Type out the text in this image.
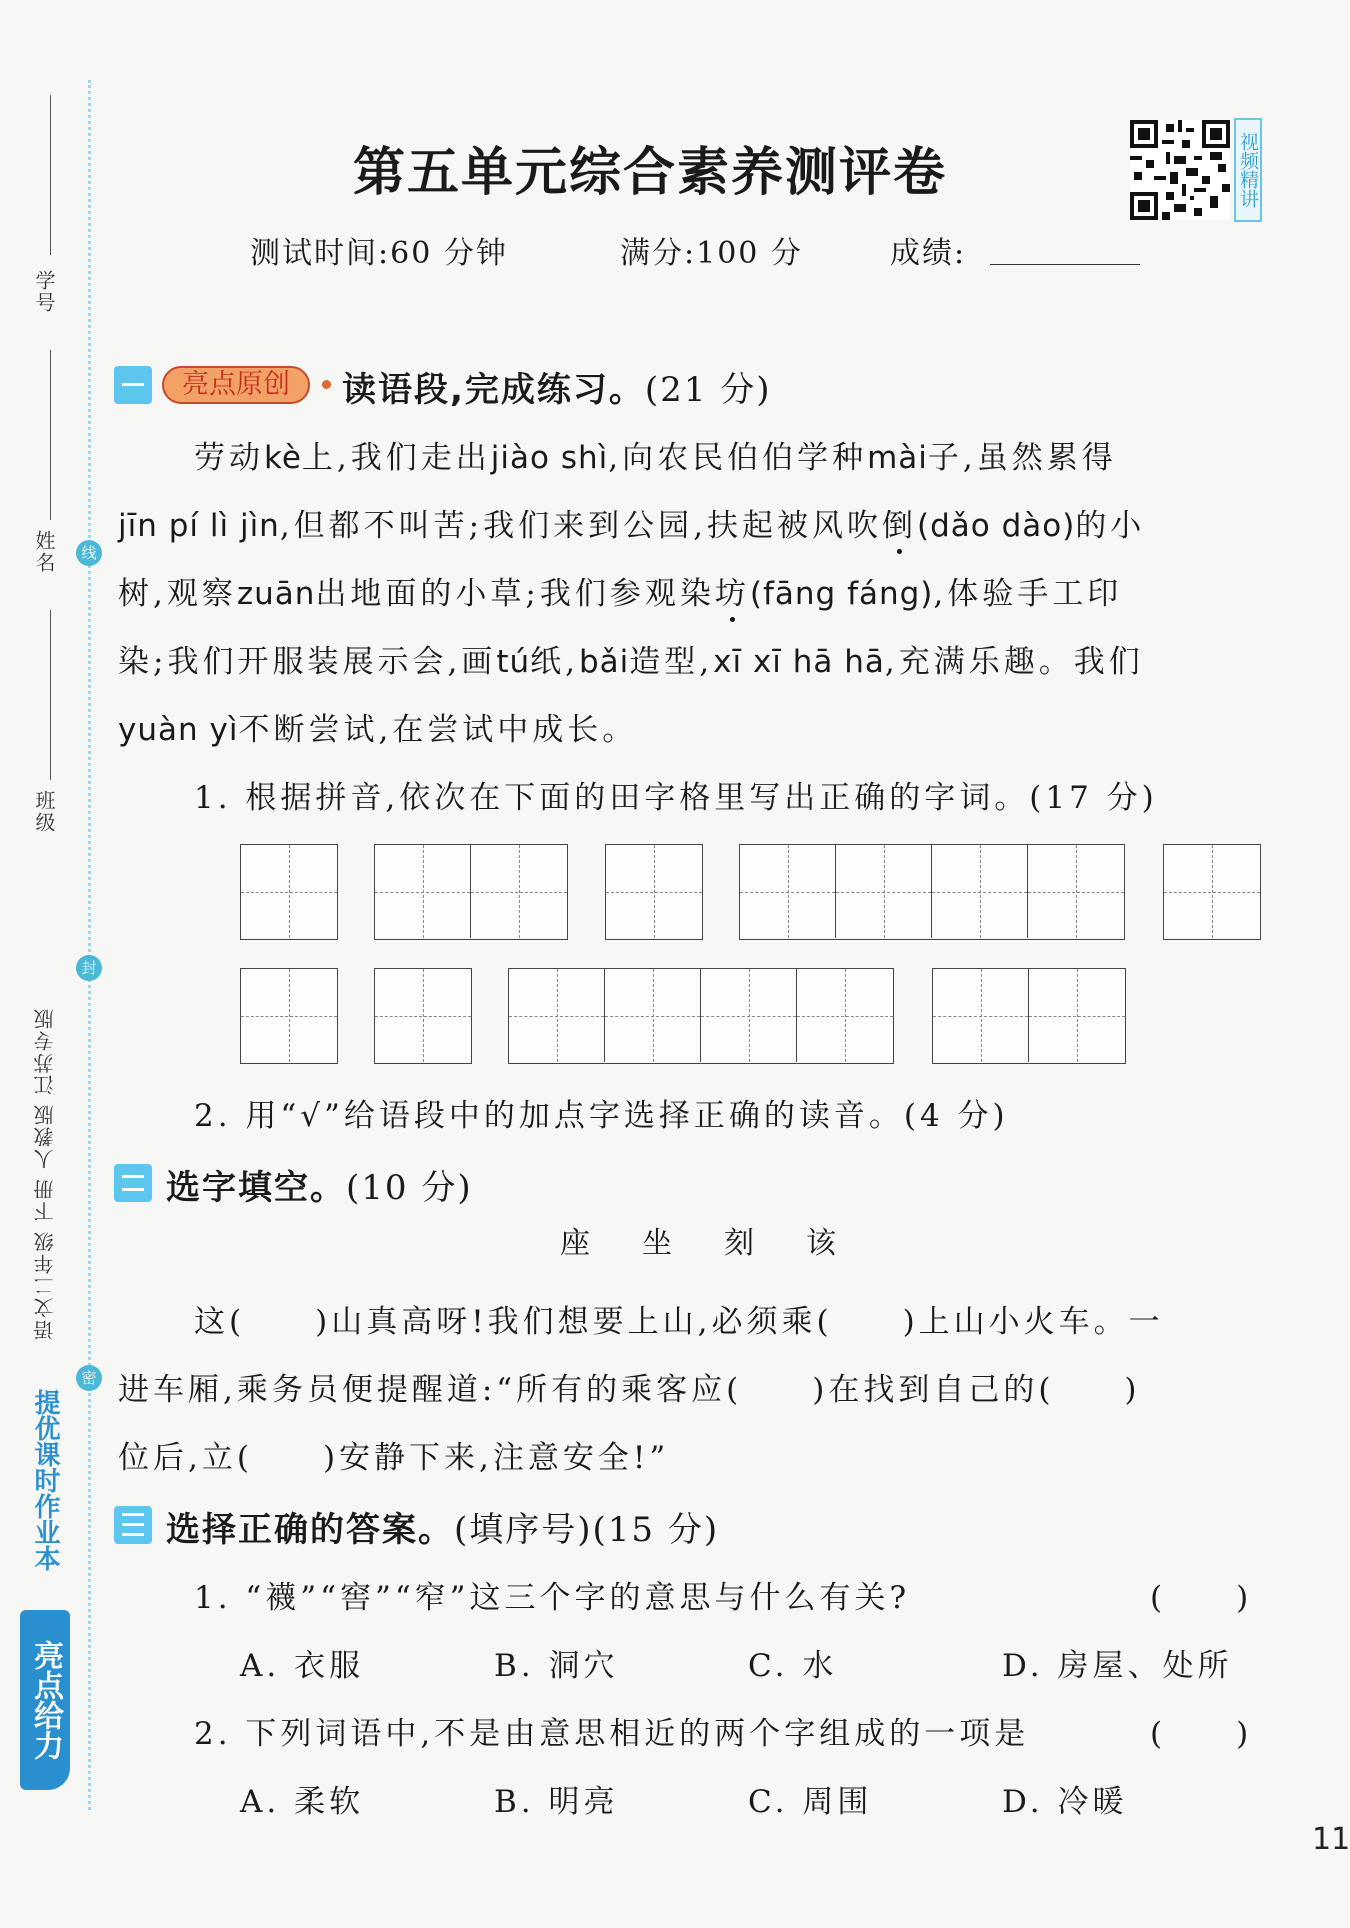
学号
姓名	线
班级
封
语文二年级 下册 人教版 江苏专版
密
提优课时作业本
亮点给力
第五单元综合素养测评卷	视频精讲
测试时间:60 分钟	满分:100 分	成绩:
亮点原创	读语段,完成练习。(21 分)
劳动kè上,我们走出jiào shì,向农民伯伯学种mài子,虽然累得
jīn pí lì jìn,但都不叫苦;我们来到公园,扶起被风吹倒(dǎo dào)的小
树,观察zuān出地面的小草;我们参观染坊(fāng fáng),体验手工印
染;我们开服装展示会,画tú纸,bǎi造型,xī xī hā hā,充满乐趣。我们
yuàn yì不断尝试,在尝试中成长。
1. 根据拼音,依次在下面的田字格里写出正确的字词。(17 分)
2. 用“√”给语段中的加点字选择正确的读音。(4 分)
选字填空。(10 分)
座 坐 刻 该
这(　　)山真高呀!我们想要上山,必须乘(　　)上山小火车。一
进车厢,乘务员便提醒道:“所有的乘客应(　　)在找到自己的(　　)
位后,立(　　)安静下来,注意安全!”
选择正确的答案。(填序号)(15 分)
1. “襪”“窖”“窄”这三个字的意思与什么有关?	(　　)
A. 衣服	B. 洞穴	C. 水	D. 房屋、处所
2. 下列词语中,不是由意思相近的两个字组成的一项是	(　　)
A. 柔软	B. 明亮	C. 周围	D. 冷暖
11
